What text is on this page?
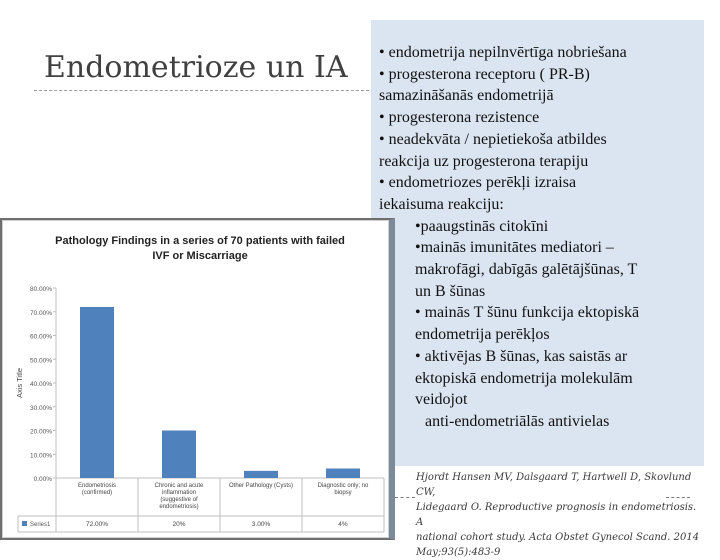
Endometrioze un IA • endometrija nepilnvērtīga nobriešana
• progesterona receptoru ( PR-B)
samazināšanās endometrijā
• progesterona rezistence
• neadekvāta / nepietiekoša atbildes
reakcija uz progesterona terapiju
• endometriozes perēkļi izraisa
iekaisuma reakciju:
•paaugstinās citokīni
•mainās imunitātes mediatori –
makrofāgi, dabīgās galētājšūnas, T
un B šūnas
• mainās T šūnu funkcija ektopiskā
endometrija perēkļos
• aktivējas B šūnas, kas saistās ar
ektopiskā endometrija molekulām
veidojot
anti-endometriālās antivielas
Hjordt Hansen MV, Dalsgaard T, Hartwell D, Skovlund CW,
Lidegaard O. Reproductive prognosis in endometriosis. A
national cohort study. Acta Obstet Gynecol Scand. 2014
May;93(5):483-9
Pathology Findings in a series of 70 patients with failed
IVF or Miscarriage
0.00%
10.00%
20.00%
30.00%
40.00%
50.00%
60.00%
70.00%
80.00%
Axis Title
Series1
Endometriosis
(confirmed)
72.00%
Chronic and acute
inflammation
(suggestive of
endometriosis)
20%
Other Pathology (Cysts)
3.00%
Diagnostic only; no
biopsy
4%
